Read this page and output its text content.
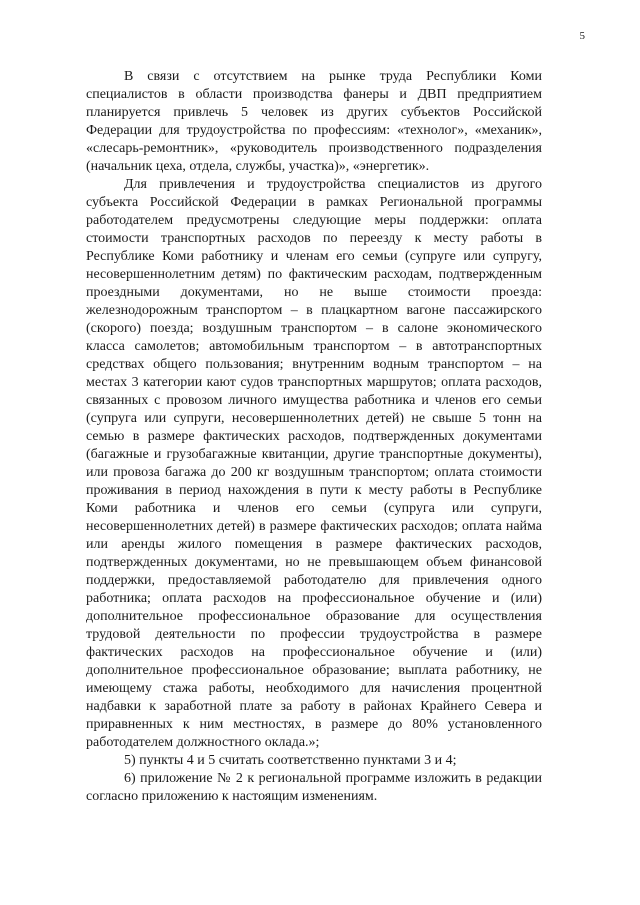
5

В связи с отсутствием на рынке труда Республики Коми специалистов в области производства фанеры и ДВП предприятием планируется привлечь 5 человек из других субъектов Российской Федерации для трудоустройства по профессиям: «технолог», «механик», «слесарь-ремонтник», «руководитель производственного подразделения (начальник цеха, отдела, службы, участка)», «энергетик».

Для привлечения и трудоустройства специалистов из другого субъекта Российской Федерации в рамках Региональной программы работодателем предусмотрены следующие меры поддержки: оплата стоимости транспортных расходов по переезду к месту работы в Республике Коми работнику и членам его семьи (супруге или супругу, несовершеннолетним детям) по фактическим расходам, подтвержденным проездными документами, но не выше стоимости проезда: железнодорожным транспортом – в плацкартном вагоне пассажирского (скорого) поезда; воздушным транспортом – в салоне экономического класса самолетов; автомобильным транспортом – в автотранспортных средствах общего пользования; внутренним водным транспортом – на местах 3 категории кают судов транспортных маршрутов; оплата расходов, связанных с провозом личного имущества работника и членов его семьи (супруга или супруги, несовершеннолетних детей) не свыше 5 тонн на семью в размере фактических расходов, подтвержденных документами (багажные и грузобагажные квитанции, другие транспортные документы), или провоза багажа до 200 кг воздушным транспортом; оплата стоимости проживания в период нахождения в пути к месту работы в Республике Коми работника и членов его семьи (супруга или супруги, несовершеннолетних детей) в размере фактических расходов; оплата найма или аренды жилого помещения в размере фактических расходов, подтвержденных документами, но не превышающем объем финансовой поддержки, предоставляемой работодателю для привлечения одного работника; оплата расходов на профессиональное обучение и (или) дополнительное профессиональное образование для осуществления трудовой деятельности по профессии трудоустройства в размере фактических расходов на профессиональное обучение и (или) дополнительное профессиональное образование; выплата работнику, не имеющему стажа работы, необходимого для начисления процентной надбавки к заработной плате за работу в районах Крайнего Севера и приравненных к ним местностях, в размере до 80% установленного работодателем должностного оклада.»;

5) пункты 4 и 5 считать соответственно пунктами 3 и 4;

6) приложение № 2 к региональной программе изложить в редакции согласно приложению к настоящим изменениям.
